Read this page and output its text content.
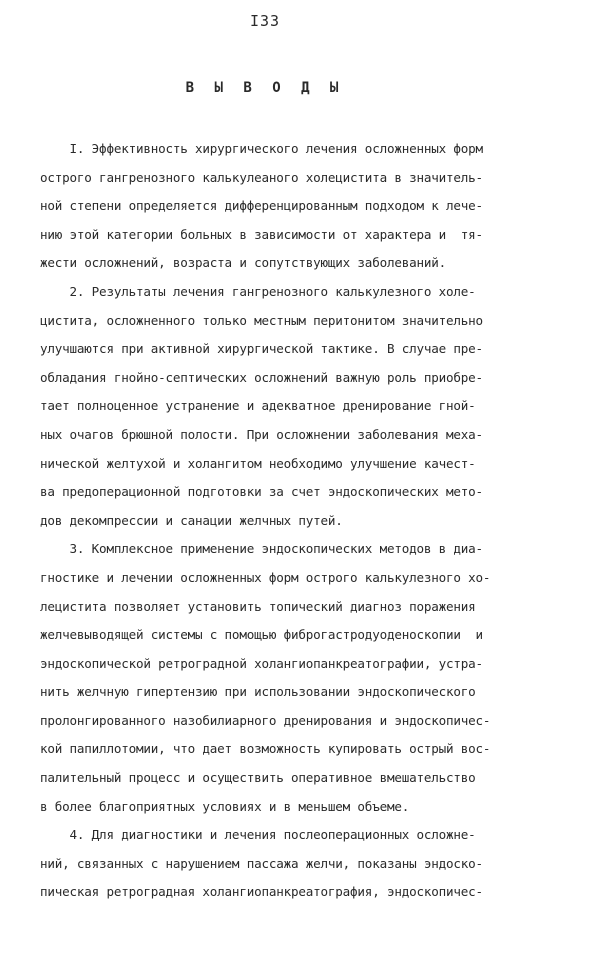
I33
В Ы В О Д Ы
I. Эффективность хирургического лечения осложненных форм
острого гангренозного калькулеаного холецистита в значитель-
ной степени определяется дифференцированным подходом к лече-
нию этой категории больных в зависимости от характера и  тя-
жести осложнений, возраста и сопутствующих заболеваний.
2. Результаты лечения гангренозного калькулезного холе-
цистита, осложненного только местным перитонитом значительно
улучшаются при активной хирургической тактике. В случае пре-
обладания гнойно-септических осложнений важную роль приобре-
тает полноценное устранение и адекватное дренирование гной-
ных очагов брюшной полости. При осложнении заболевания меха-
нической желтухой и холангитом необходимо улучшение качест-
ва предоперационной подготовки за счет эндоскопических мето-
дов декомпрессии и санации желчных путей.
3. Комплексное применение эндоскопических методов в диа-
гностике и лечении осложненных форм острого калькулезного хо-
лецистита позволяет установить топический диагноз поражения
желчевыводящей системы с помощью фиброгастродуоденоскопии  и
эндоскопической ретроградной холангиопанкреатографии, устра-
нить желчную гипертензию при использовании эндоскопического
пролонгированного назобилиарного дренирования и эндоскопичес-
кой папиллотомии, что дает возможность купировать острый вос-
палительный процесс и осуществить оперативное вмешательство
в более благоприятных условиях и в меньшем объеме.
4. Для диагностики и лечения послеоперационных осложне-
ний, связанных с нарушением пассажа желчи, показаны эндоско-
пическая ретроградная холангиопанкреатография, эндоскопичес-
